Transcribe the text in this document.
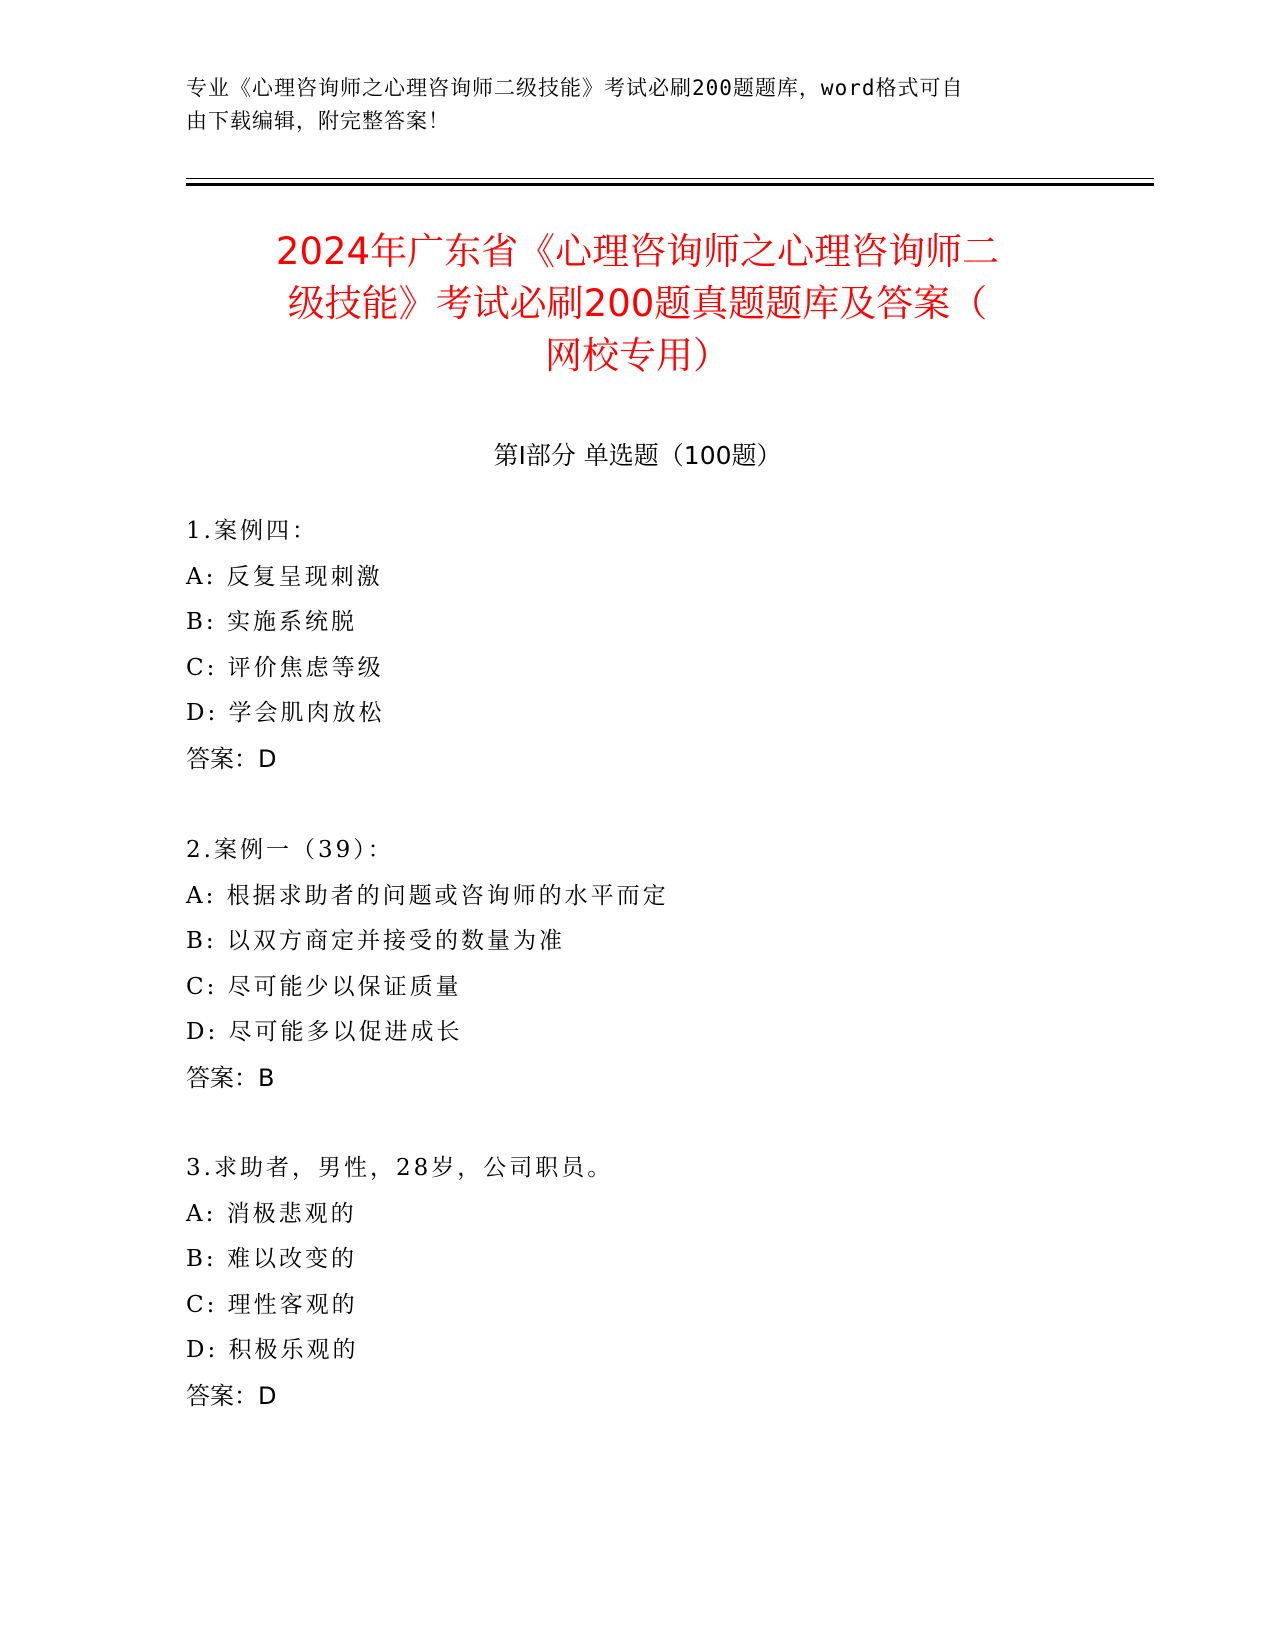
专业《心理咨询师之心理咨询师二级技能》考试必刷200题题库，word格式可自
由下载编辑，附完整答案！
2024年广东省《心理咨询师之心理咨询师二
级技能》考试必刷200题真题题库及答案（
网校专用）
第Ⅰ部分 单选题（100题）
1.案例四：
A: 反复呈现刺激
B: 实施系统脱
C: 评价焦虑等级
D: 学会肌肉放松
答案：D
2.案例一（39）：
A: 根据求助者的问题或咨询师的水平而定
B: 以双方商定并接受的数量为准
C: 尽可能少以保证质量
D: 尽可能多以促进成长
答案：B
3.求助者，男性，28岁，公司职员。
A: 消极悲观的
B: 难以改变的
C: 理性客观的
D: 积极乐观的
答案：D
